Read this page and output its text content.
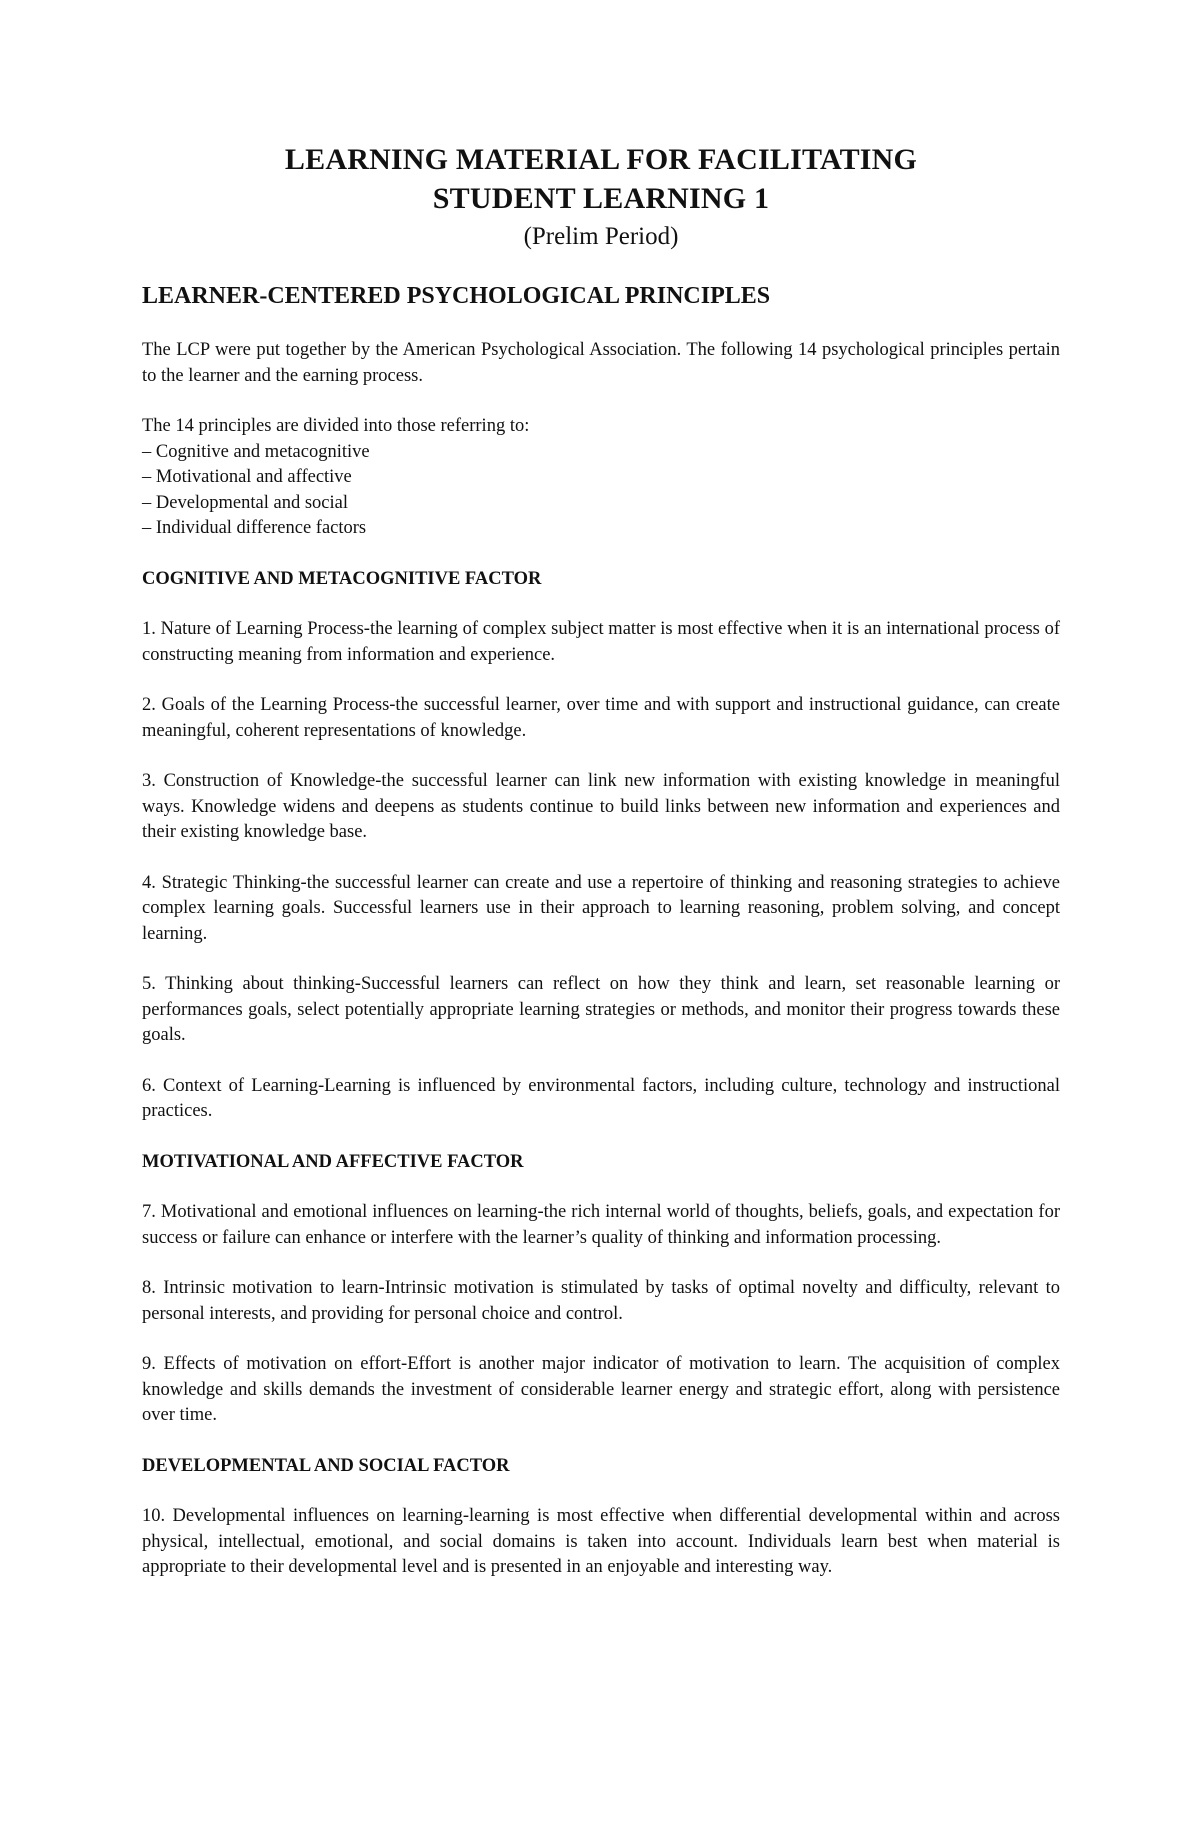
LEARNING MATERIAL FOR FACILITATING
STUDENT LEARNING 1
(Prelim Period)
LEARNER-CENTERED PSYCHOLOGICAL PRINCIPLES

The LCP were put together by the American Psychological Association. The following 14 psychological principles pertain to the learner and the earning process.

The 14 principles are divided into those referring to:
– Cognitive and metacognitive
– Motivational and affective
– Developmental and social
– Individual difference factors
COGNITIVE AND METACOGNITIVE FACTOR

1. Nature of Learning Process-the learning of complex subject matter is most effective when it is an international process of constructing meaning from information and experience.

2. Goals of the Learning Process-the successful learner, over time and with support and instructional guidance, can create meaningful, coherent representations of knowledge.

3. Construction of Knowledge-the successful learner can link new information with existing knowledge in meaningful ways. Knowledge widens and deepens as students continue to build links between new information and experiences and their existing knowledge base.

4. Strategic Thinking-the successful learner can create and use a repertoire of thinking and reasoning strategies to achieve complex learning goals. Successful learners use in their approach to learning reasoning, problem solving, and concept learning.

5. Thinking about thinking-Successful learners can reflect on how they think and learn, set reasonable learning or performances goals, select potentially appropriate learning strategies or methods, and monitor their progress towards these goals.

6. Context of Learning-Learning is influenced by environmental factors, including culture, technology and instructional practices.

MOTIVATIONAL AND AFFECTIVE FACTOR

7. Motivational and emotional influences on learning-the rich internal world of thoughts, beliefs, goals, and expectation for success or failure can enhance or interfere with the learner’s quality of thinking and information processing.

8. Intrinsic motivation to learn-Intrinsic motivation is stimulated by tasks of optimal novelty and difficulty, relevant to personal interests, and providing for personal choice and control.

9. Effects of motivation on effort-Effort is another major indicator of motivation to learn. The acquisition of complex knowledge and skills demands the investment of considerable learner energy and strategic effort, along with persistence over time.

DEVELOPMENTAL AND SOCIAL FACTOR

10. Developmental influences on learning-learning is most effective when differential developmental within and across physical, intellectual, emotional, and social domains is taken into account. Individuals learn best when material is appropriate to their developmental level and is presented in an enjoyable and interesting way.
